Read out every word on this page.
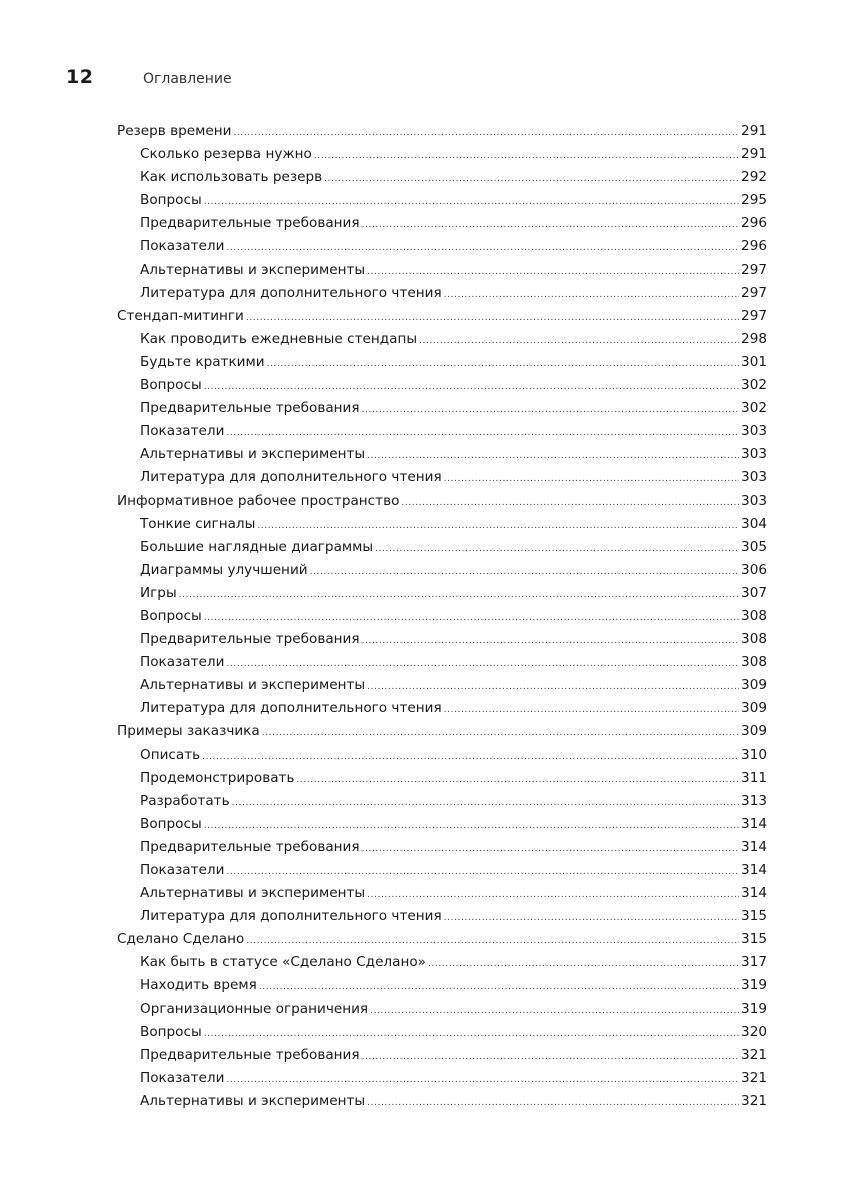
12	Оглавление
Резерв времени .....	291
Сколько резерва нужно .....	291
Как использовать резерв .....	292
Вопросы .....	295
Предварительные требования .....	296
Показатели .....	296
Альтернативы и эксперименты .....	297
Литература для дополнительного чтения .....	297
Стендап-митинги .....	297
Как проводить ежедневные стендапы .....	298
Будьте краткими .....	301
Вопросы .....	302
Предварительные требования .....	302
Показатели .....	303
Альтернативы и эксперименты .....	303
Литература для дополнительного чтения .....	303
Информативное рабочее пространство .....	303
Тонкие сигналы .....	304
Большие наглядные диаграммы .....	305
Диаграммы улучшений .....	306
Игры .....	307
Вопросы .....	308
Предварительные требования .....	308
Показатели .....	308
Альтернативы и эксперименты .....	309
Литература для дополнительного чтения .....	309
Примеры заказчика .....	309
Описать .....	310
Продемонстрировать .....	311
Разработать .....	313
Вопросы .....	314
Предварительные требования .....	314
Показатели .....	314
Альтернативы и эксперименты .....	314
Литература для дополнительного чтения .....	315
Сделано Сделано .....	315
Как быть в статусе «Сделано Сделано» .....	317
Находить время .....	319
Организационные ограничения .....	319
Вопросы .....	320
Предварительные требования .....	321
Показатели .....	321
Альтернативы и эксперименты .....	321
